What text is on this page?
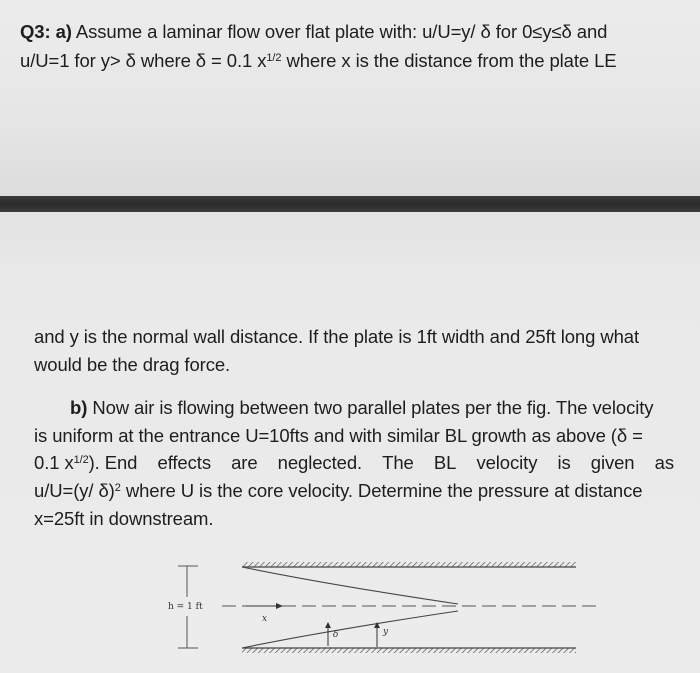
Q3: a) Assume a laminar flow over flat plate with: u/U=y/ δ for 0≤y≤δ and
u/U=1 for y> δ where δ = 0.1 $x^{1/2}$ where x is the distance from the plate LE
and y is the normal wall distance. If the plate is 1ft width and 25ft long what
would be the drag force.
b) Now air is flowing between two parallel plates per the fig. The velocity
is uniform at the entrance U=10fts and with similar BL growth as above (δ =
0.1 $x^{1/2}$). End effects are neglected. The BL velocity is given as
u/U=(y/ δ)$^2$ where U is the core velocity. Determine the pressure at distance
x=25ft in downstream.
h = 1 ft
x
δ	y
